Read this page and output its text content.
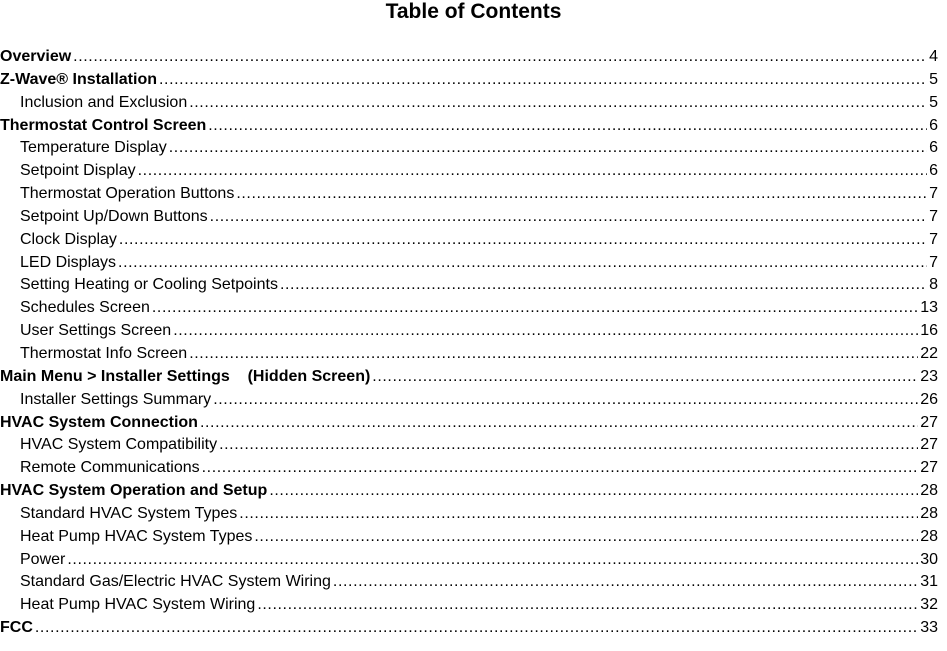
Table of Contents
Overview .....	4
Z-Wave® Installation .....	5
Inclusion and Exclusion .....	5
Thermostat Control Screen .....	6
Temperature Display .....	6
Setpoint Display .....	6
Thermostat Operation Buttons .....	7
Setpoint Up/Down Buttons .....	7
Clock Display .....	7
LED Displays .....	7
Setting Heating or Cooling Setpoints .....	8
Schedules Screen .....	13
User Settings Screen .....	16
Thermostat Info Screen .....	22
Main Menu > Installer Settings    (Hidden Screen) .....	23
Installer Settings Summary .....	26
HVAC System Connection .....	27
HVAC System Compatibility .....	27
Remote Communications .....	27
HVAC System Operation and Setup .....	28
Standard HVAC System Types .....	28
Heat Pump HVAC System Types .....	28
Power .....	30
Standard Gas/Electric HVAC System Wiring .....	31
Heat Pump HVAC System Wiring .....	32
FCC .....	33
